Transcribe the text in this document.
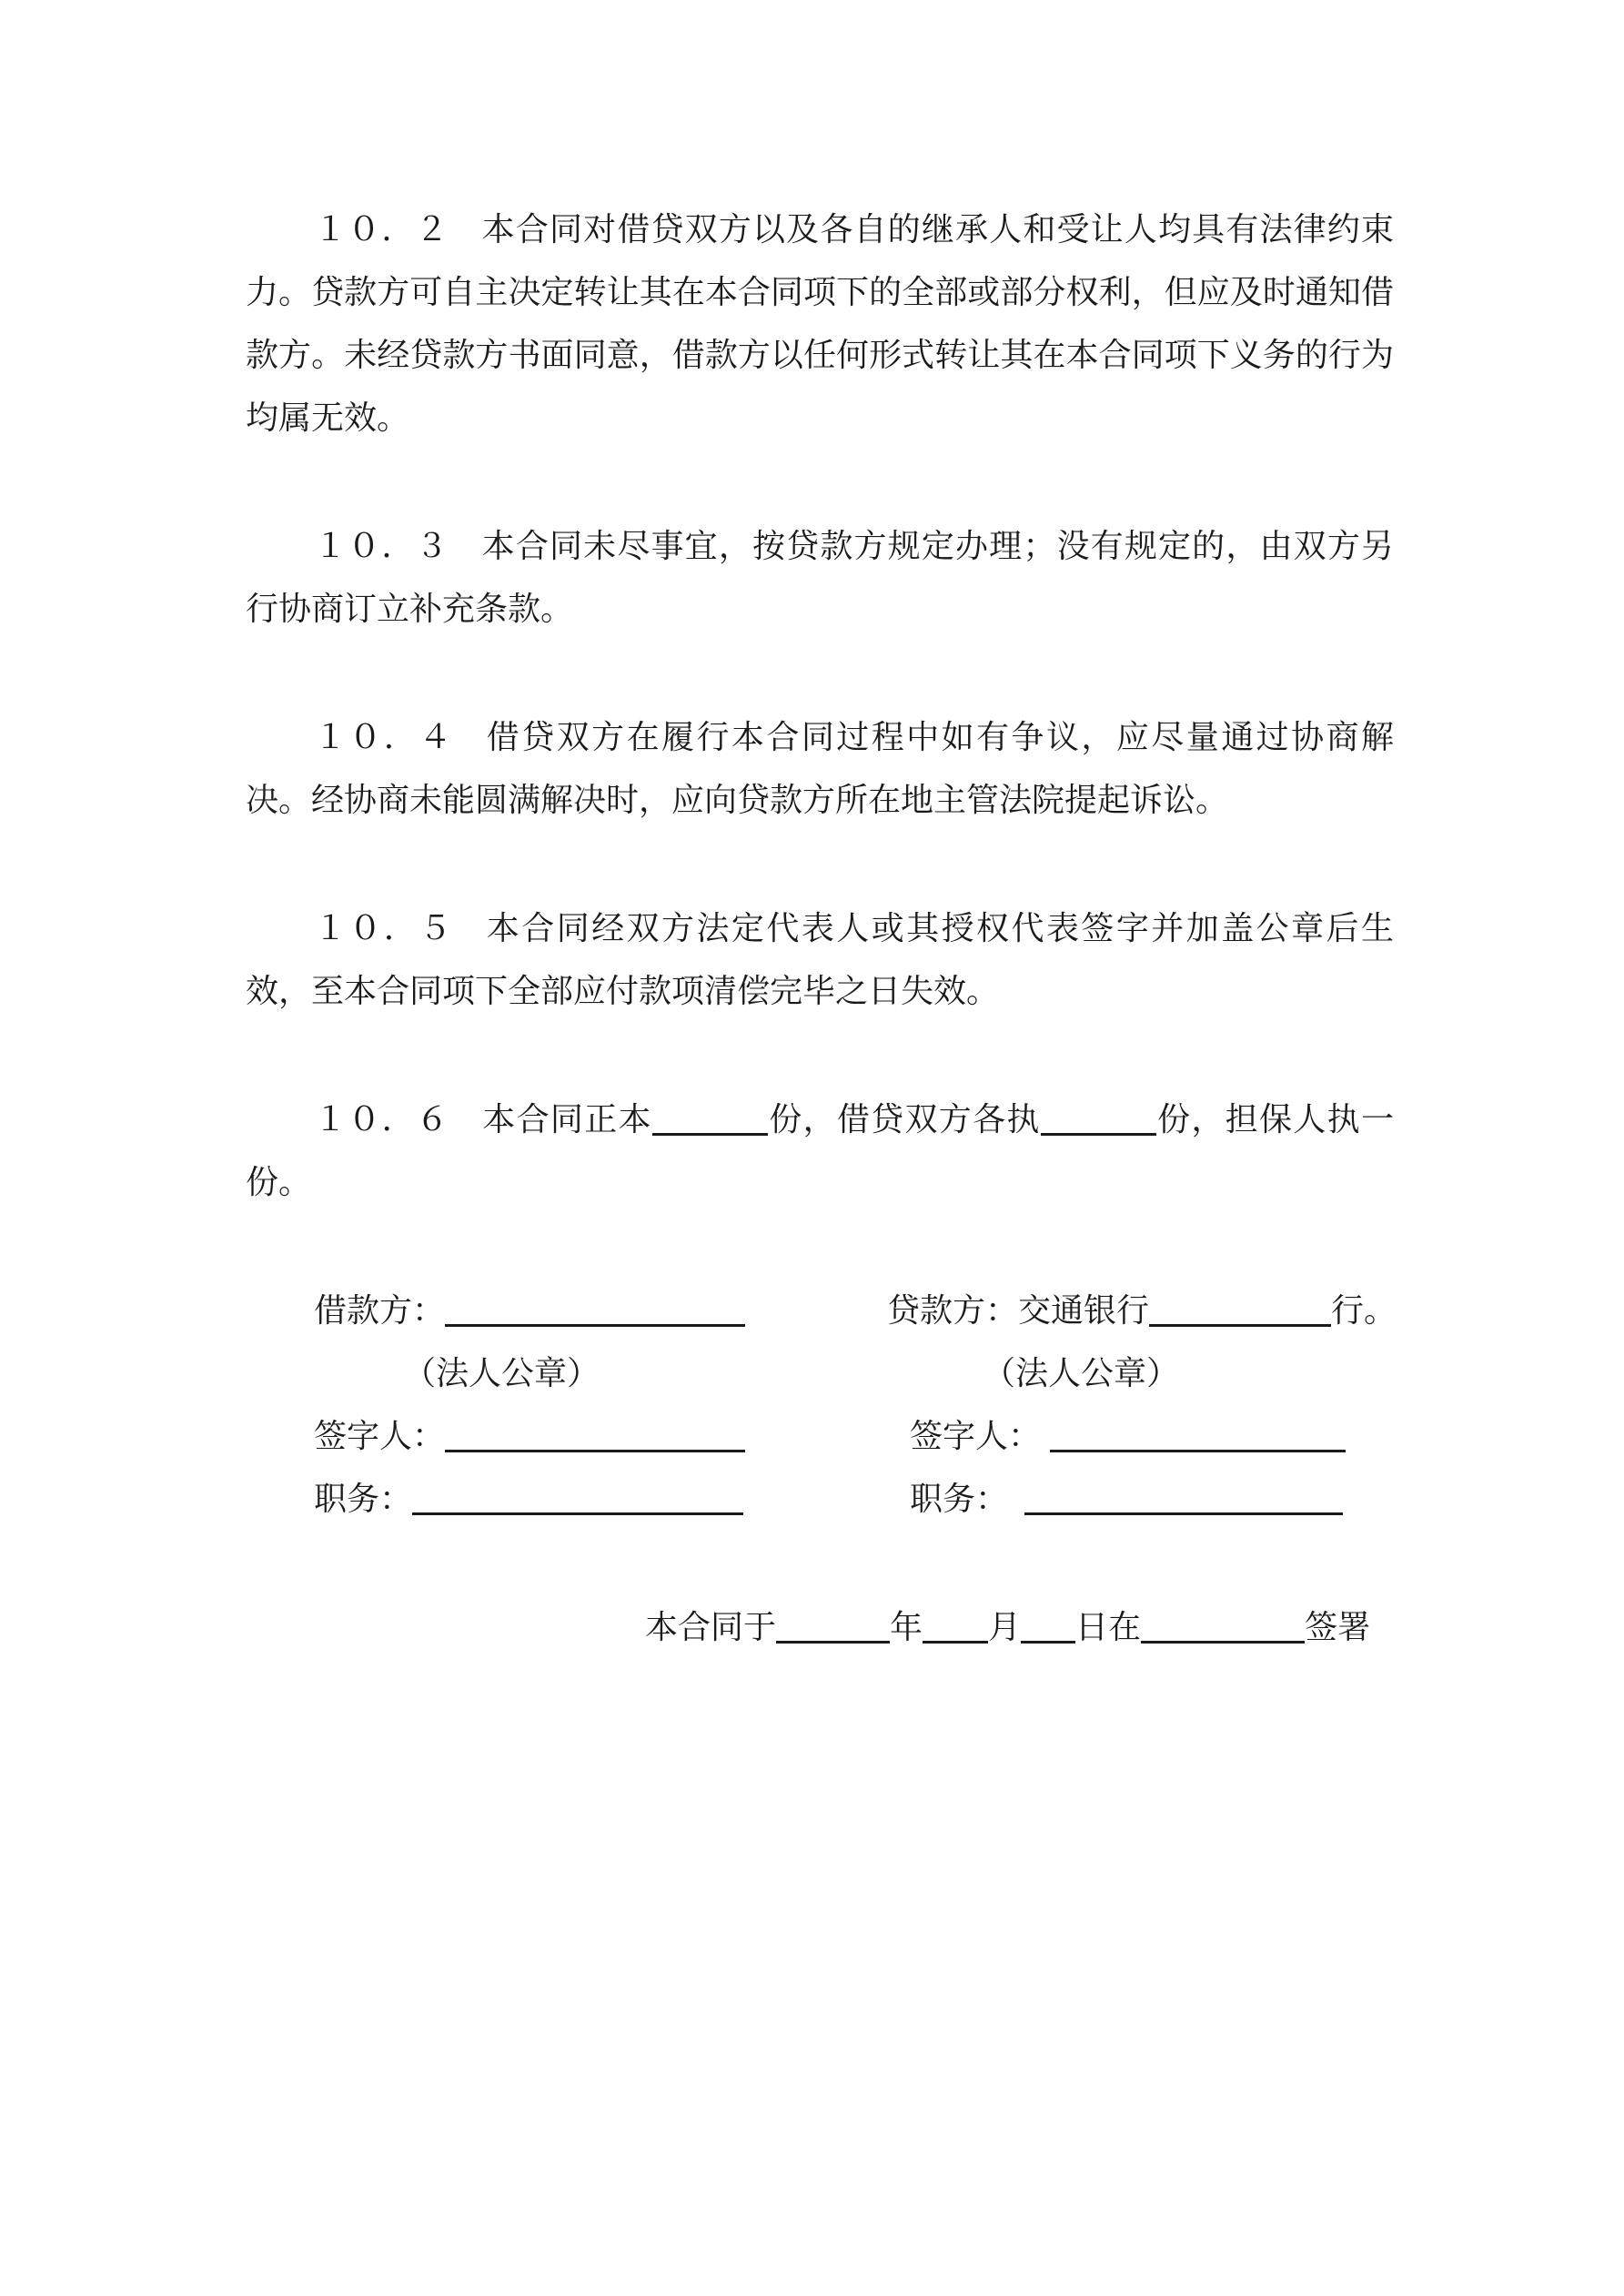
１０．２ 本合同对借贷双方以及各自的继承人和受让人均具有法律约束力。贷款方可自主决定转让其在本合同项下的全部或部分权利，但应及时通知借款方。未经贷款方书面同意，借款方以任何形式转让其在本合同项下义务的行为均属无效。

１０．３ 本合同未尽事宜，按贷款方规定办理；没有规定的，由双方另行协商订立补充条款。

１０．４ 借贷双方在履行本合同过程中如有争议，应尽量通过协商解决。经协商未能圆满解决时，应向贷款方所在地主管法院提起诉讼。

１０．５ 本合同经双方法定代表人或其授权代表签字并加盖公章后生效，至本合同项下全部应付款项清偿完毕之日失效。

１０．６ 本合同正本	份，借贷双方各执	份，担保人执一份。

借款方：	贷款方：交通银行	行。
（法人公章）	（法人公章）
签字人：	签字人：
职务：	职务：
本合同于	年 月 日在	签署
